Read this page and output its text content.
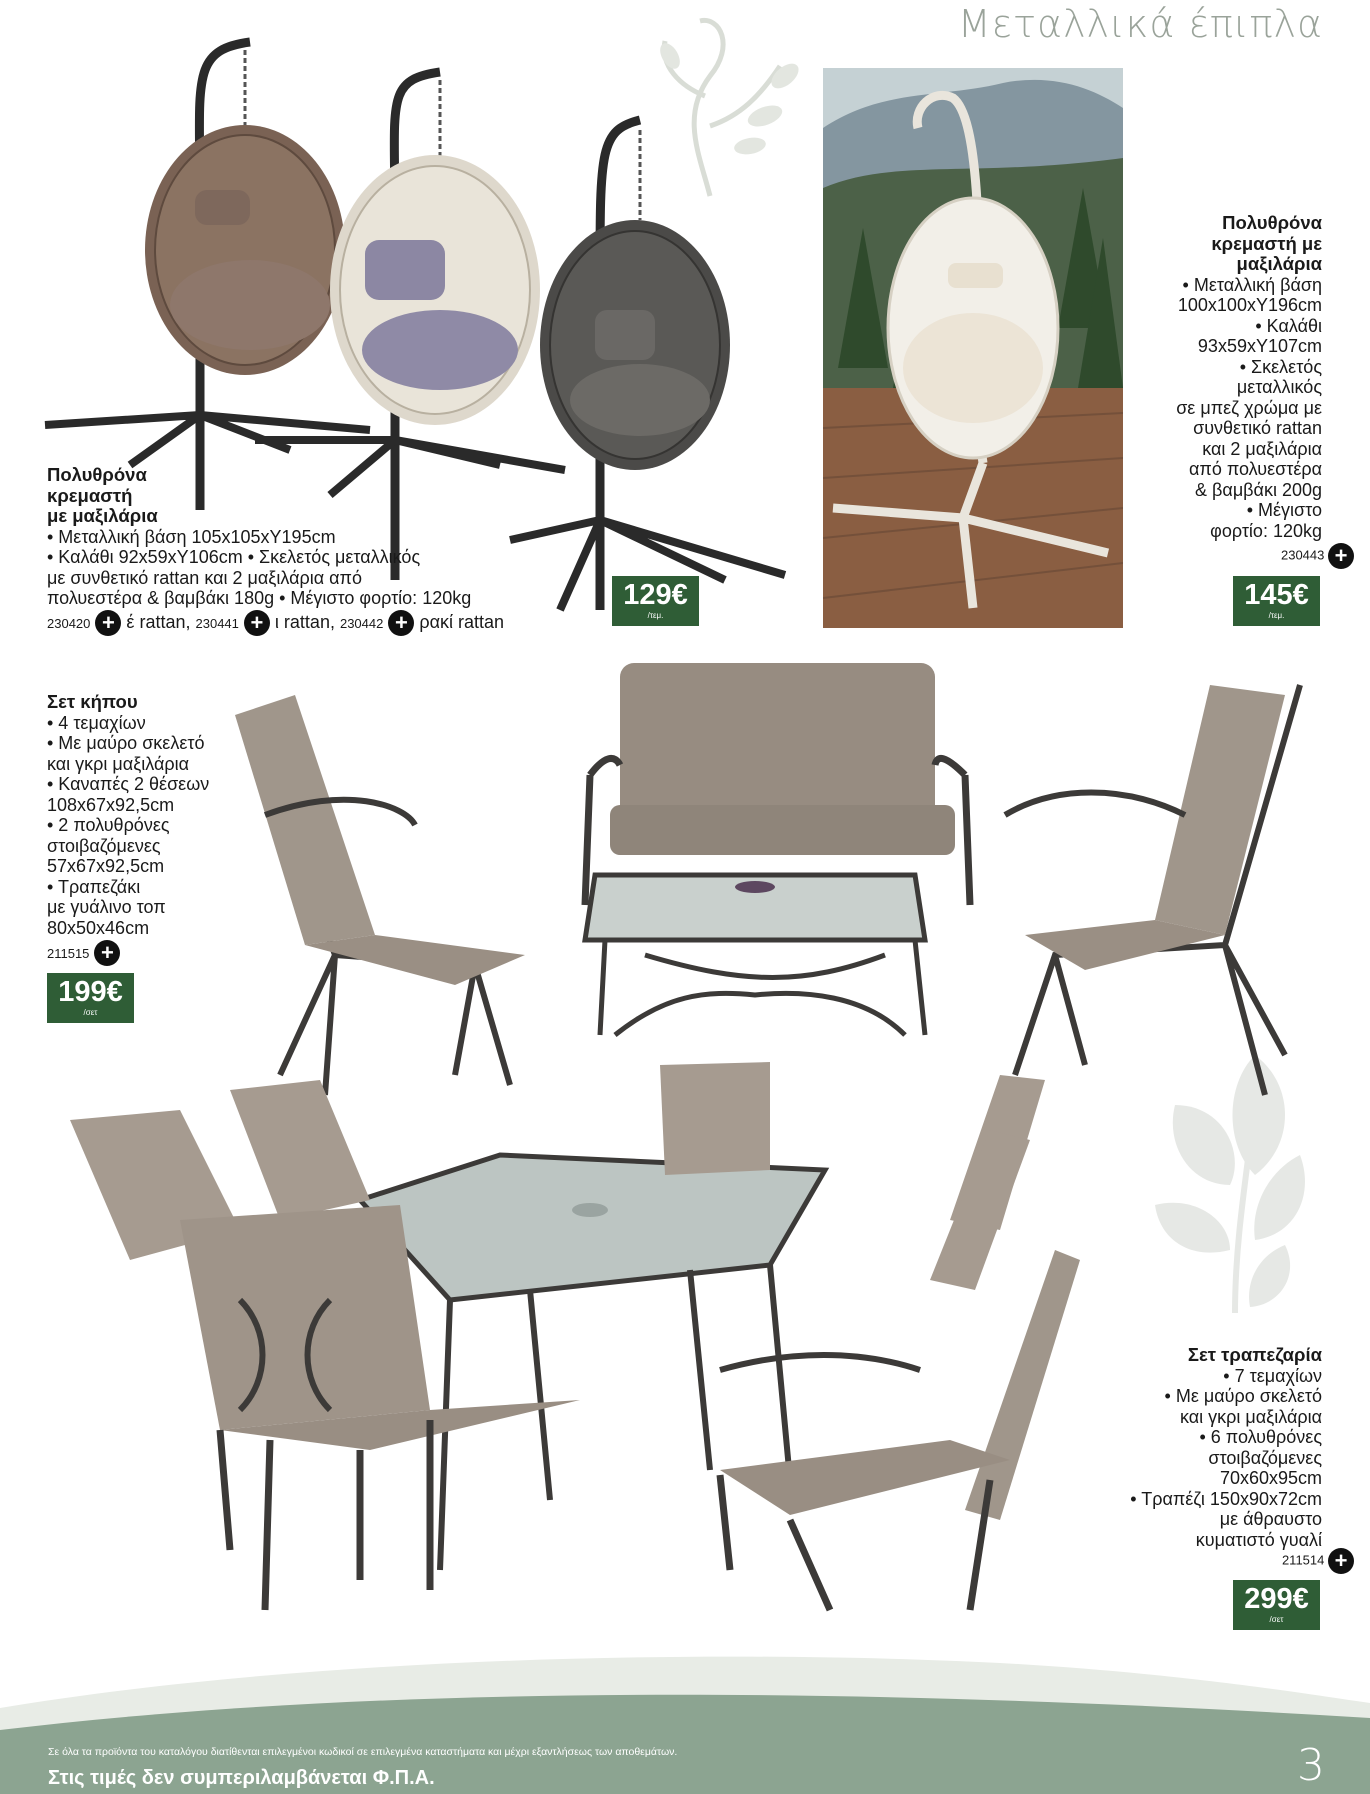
Μεταλλικά έπιπλα
Πολυθρόνα
κρεμαστή
με μαξιλάρια
• Μεταλλική βάση 105x105xΥ195cm
• Καλάθι 92x59xΥ106cm • Σκελετός μεταλλικός
με συνθετικό rattan και 2 μαξιλάρια από
πολυεστέρα & βαμβάκι 180g • Μέγιστο φορτίο: 120kg
230420 + έ rattan, 230441 + ι rattan, 230442 + ρακί rattan
129€
/τεμ.
Πολυθρόνα
κρεμαστή με
μαξιλάρια
• Μεταλλική βάση
100x100xΥ196cm
• Καλάθι
93x59xΥ107cm
• Σκελετός
μεταλλικός
σε μπεζ χρώμα με
συνθετικό rattan
και 2 μαξιλάρια
από πολυεστέρα
& βαμβάκι 200g
• Μέγιστο
φορτίο: 120kg
230443 +
145€
/τεμ.
Σετ κήπου
• 4 τεμαχίων
• Με μαύρο σκελετό
και γκρι μαξιλάρια
• Καναπές 2 θέσεων
108x67x92,5cm
• 2 πολυθρόνες
στοιβαζόμενες
57x67x92,5cm
• Τραπεζάκι
με γυάλινο τοπ
80x50x46cm
211515 +
199€
/σετ
Σετ τραπεζαρία
• 7 τεμαχίων
• Με μαύρο σκελετό
και γκρι μαξιλάρια
• 6 πολυθρόνες
στοιβαζόμενες
70x60x95cm
• Τραπέζι 150x90x72cm
με άθραυστο
κυματιστό γυαλί
211514 +
299€
/σετ
Σε όλα τα προϊόντα του καταλόγου διατίθενται επιλεγμένοι κωδικοί σε επιλεγμένα καταστήματα και μέχρι εξαντλήσεως των αποθεμάτων.
Στις τιμές δεν συμπεριλαμβάνεται Φ.Π.Α.	3
